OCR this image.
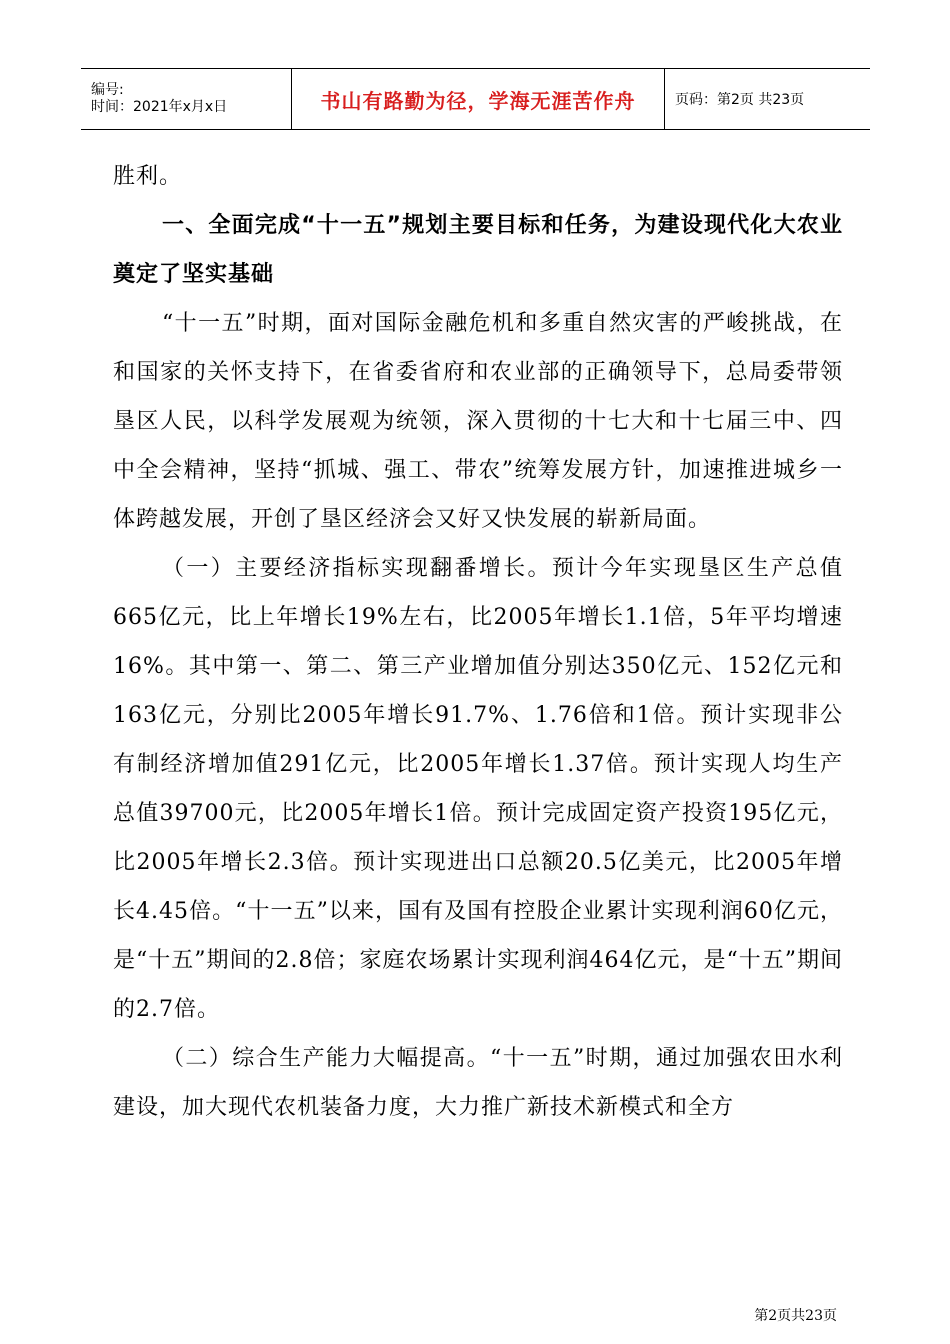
编号:
时间：2021年x月x日	书山有路勤为径，学海无涯苦作舟	页码：第2页 共23页

胜利。

一、全面完成“十一五”规划主要目标和任务，为建设现代化大农业奠定了坚实基础

“十一五”时期，面对国际金融危机和多重自然灾害的严峻挑战，在和国家的关怀支持下，在省委省府和农业部的正确领导下，总局委带领垦区人民，以科学发展观为统领，深入贯彻的十七大和十七届三中、四中全会精神，坚持“抓城、强工、带农”统筹发展方针，加速推进城乡一体跨越发展，开创了垦区经济会又好又快发展的崭新局面。

（一）主要经济指标实现翻番增长。预计今年实现垦区生产总值665亿元，比上年增长19%左右，比2005年增长1.1倍，5年平均增速16%。其中第一、第二、第三产业增加值分别达350亿元、152亿元和163亿元，分别比2005年增长91.7%、1.76倍和1倍。预计实现非公有制经济增加值291亿元，比2005年增长1.37倍。预计实现人均生产总值39700元，比2005年增长1倍。预计完成固定资产投资195亿元，比2005年增长2.3倍。预计实现进出口总额20.5亿美元，比2005年增长4.45倍。“十一五”以来，国有及国有控股企业累计实现利润60亿元，是“十五”期间的2.8倍；家庭农场累计实现利润464亿元，是“十五”期间的2.7倍。

（二）综合生产能力大幅提高。“十一五”时期，通过加强农田水利建设，加大现代农机装备力度，大力推广新技术新模式和全方

第2页共23页
